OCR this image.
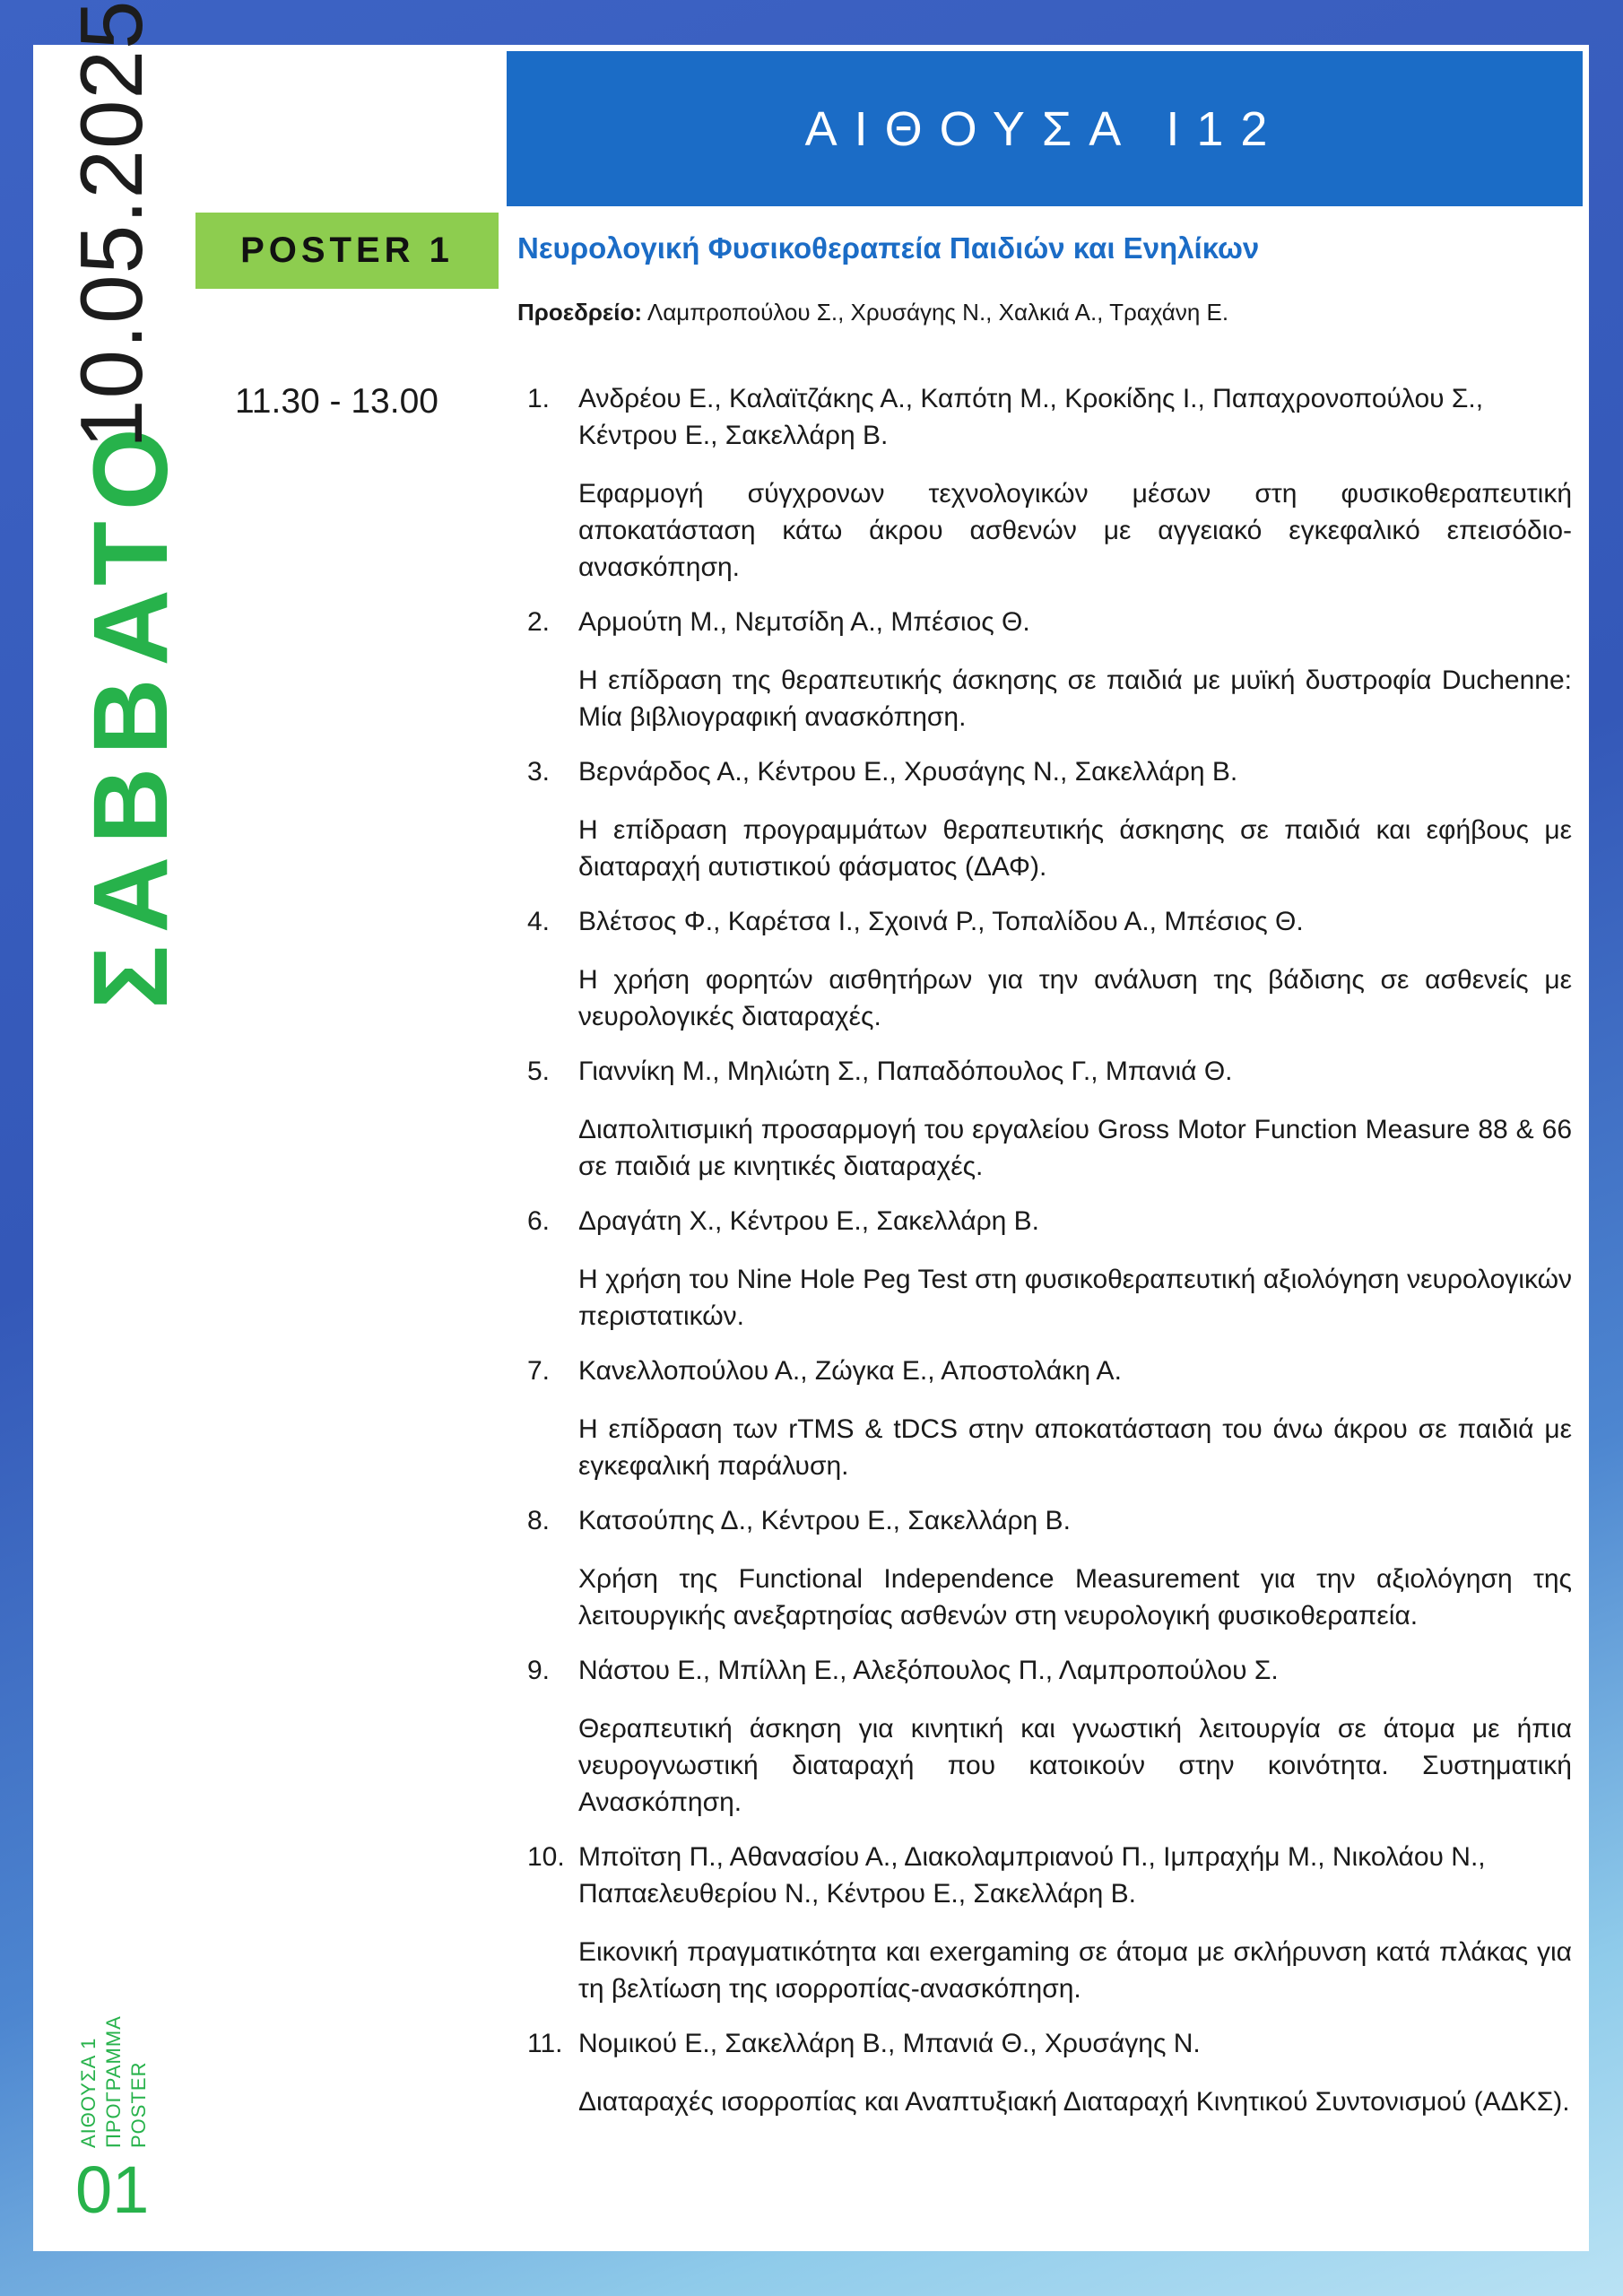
ΣΑΒΒΑΤΟ
10.05.2025
ΑΙΘΟΥΣΑ 1 ΠΡΟΓΡΑΜΜΑ POSTER
01
ΑΙΘΟΥΣΑ Ι12
POSTER 1	Νευρολογική Φυσικοθεραπεία Παιδιών και Ενηλίκων
Προεδρείο: Λαμπροπούλου Σ., Χρυσάγης Ν., Χαλκιά Α., Τραχάνη Ε.
11.30 - 13.00	1. Ανδρέου Ε., Καλαϊτζάκης Α., Καπότη Μ., Κροκίδης Ι., Παπαχρονοπούλου Σ., Κέντρου Ε., Σακελλάρη Β.

Εφαρμογή σύγχρονων τεχνολογικών μέσων στη φυσικοθεραπευτική αποκατάσταση κάτω άκρου ασθενών με αγγειακό εγκεφαλικό επεισόδιο-ανασκόπηση.

2. Αρμούτη Μ., Νεμτσίδη Α., Μπέσιος Θ.

Η επίδραση της θεραπευτικής άσκησης σε παιδιά με μυϊκή δυστροφία Duchenne: Μία βιβλιογραφική ανασκόπηση.

3. Βερνάρδος Α., Κέντρου Ε., Χρυσάγης Ν., Σακελλάρη Β.

Η επίδραση προγραμμάτων θεραπευτικής άσκησης σε παιδιά και εφήβους με διαταραχή αυτιστικού φάσματος (ΔΑΦ).

4. Βλέτσος Φ., Καρέτσα Ι., Σχοινά Ρ., Τοπαλίδου Α., Μπέσιος Θ.

Η χρήση φορητών αισθητήρων για την ανάλυση της βάδισης σε ασθενείς με νευρολογικές διαταραχές.

5. Γιαννίκη Μ., Μηλιώτη Σ., Παπαδόπουλος Γ., Μπανιά Θ.

Διαπολιτισμική προσαρμογή του εργαλείου Gross Motor Function Measure 88 & 66 σε παιδιά με κινητικές διαταραχές.

6. Δραγάτη Χ., Κέντρου Ε., Σακελλάρη Β.

Η χρήση του Nine Hole Peg Test στη φυσικοθεραπευτική αξιολόγηση νευρολογικών περιστατικών.

7. Κανελλοπούλου Α., Ζώγκα Ε., Αποστολάκη Α.

Η επίδραση των rTMS & tDCS στην αποκατάσταση του άνω άκρου σε παιδιά με εγκεφαλική παράλυση.

8. Κατσούπης Δ., Κέντρου Ε., Σακελλάρη Β.

Χρήση της Functional Independence Measurement για την αξιολόγηση της λειτουργικής ανεξαρτησίας ασθενών στη νευρολογική φυσικοθεραπεία.

9. Νάστου Ε., Μπίλλη Ε., Αλεξόπουλος Π., Λαμπροπούλου Σ.

Θεραπευτική άσκηση για κινητική και γνωστική λειτουργία σε άτομα με ήπια νευρογνωστική διαταραχή που κατοικούν στην κοινότητα. Συστηματική Ανασκόπηση.

10. Μποϊτση Π., Αθανασίου Α., Διακολαμπριανού Π., Ιμπραχήμ Μ., Νικολάου Ν., Παπαελευθερίου Ν., Κέντρου Ε., Σακελλάρη Β.

Εικονική πραγματικότητα και exergaming σε άτομα με σκλήρυνση κατά πλάκας για τη βελτίωση της ισορροπίας-ανασκόπηση.

11. Νομικού Ε., Σακελλάρη Β., Μπανιά Θ., Χρυσάγης Ν.

Διαταραχές ισορροπίας και Αναπτυξιακή Διαταραχή Κινητικού Συντονισμού (ΑΔΚΣ).
